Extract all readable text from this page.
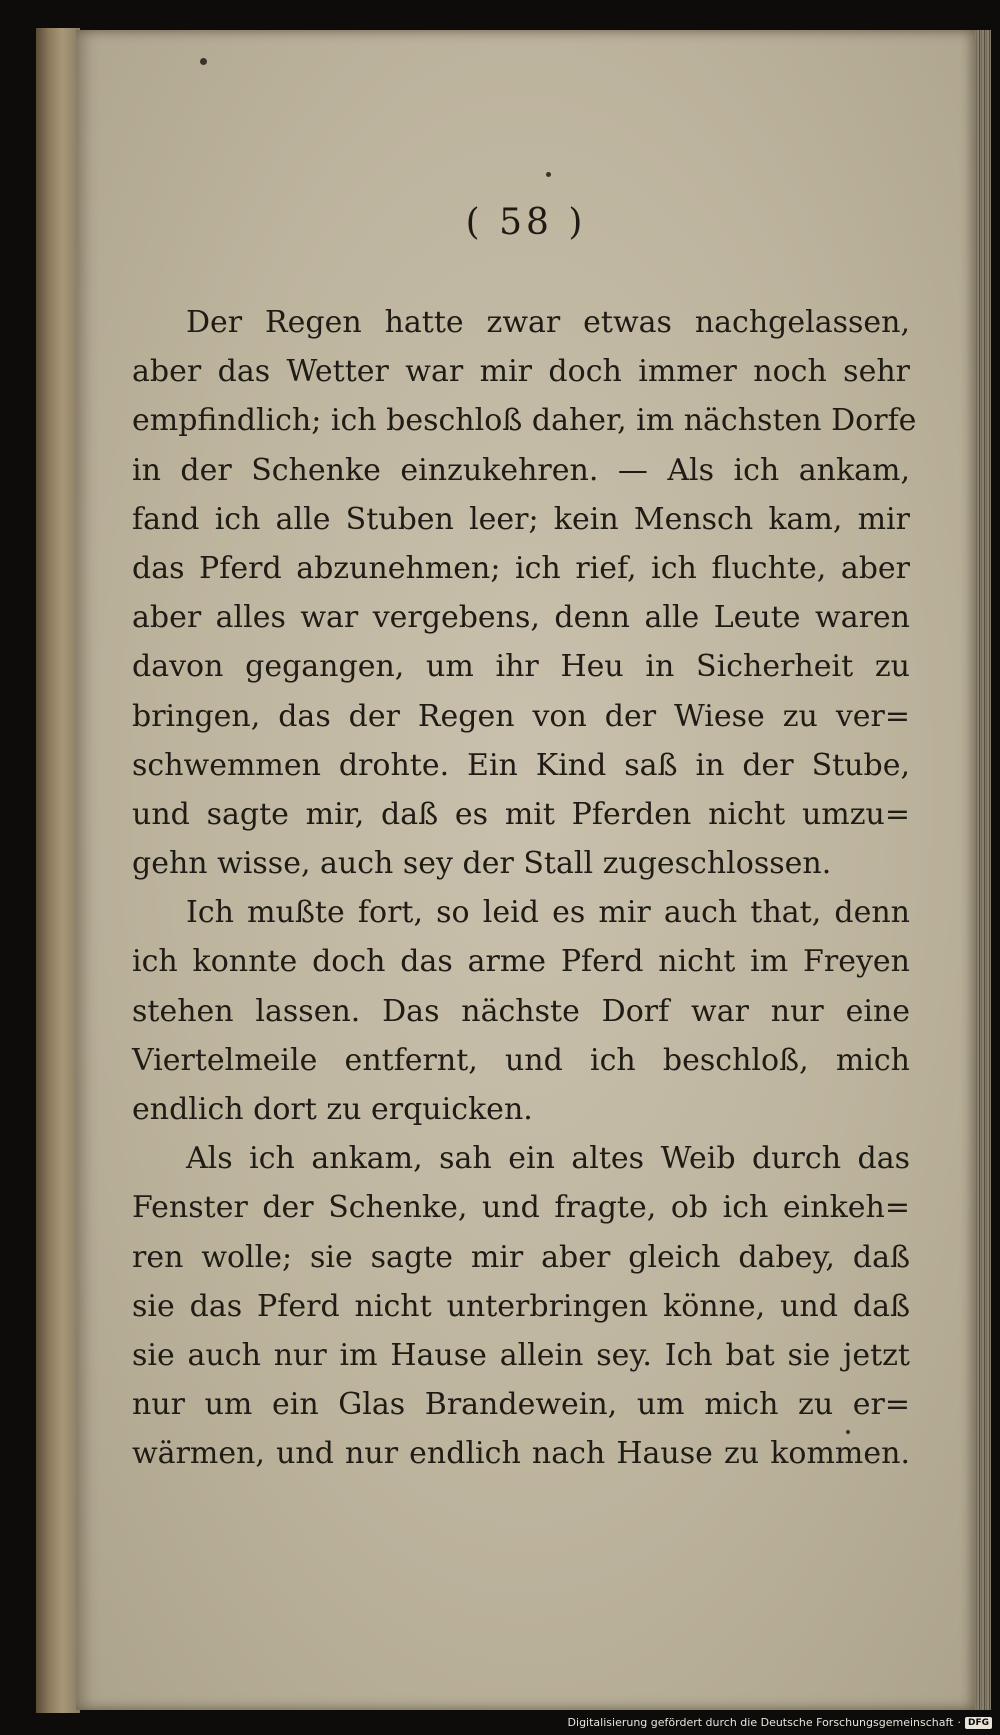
( 58 )
Der Regen hatte zwar etwas nachgelassen,
aber das Wetter war mir doch immer noch sehr
empfindlich; ich beschloß daher, im nächsten Dorfe
in der Schenke einzukehren. — Als ich ankam,
fand ich alle Stuben leer; kein Mensch kam, mir
das Pferd abzunehmen; ich rief, ich fluchte, aber
aber alles war vergebens, denn alle Leute waren
davon gegangen, um ihr Heu in Sicherheit zu
bringen, das der Regen von der Wiese zu ver=
schwemmen drohte. Ein Kind saß in der Stube,
und sagte mir, daß es mit Pferden nicht umzu=
gehn wisse, auch sey der Stall zugeschlossen.
Ich mußte fort, so leid es mir auch that, denn
ich konnte doch das arme Pferd nicht im Freyen
stehen lassen. Das nächste Dorf war nur eine
Viertelmeile entfernt, und ich beschloß, mich
endlich dort zu erquicken.
Als ich ankam, sah ein altes Weib durch das
Fenster der Schenke, und fragte, ob ich einkeh=
ren wolle; sie sagte mir aber gleich dabey, daß
sie das Pferd nicht unterbringen könne, und daß
sie auch nur im Hause allein sey. Ich bat sie jetzt
nur um ein Glas Brandewein, um mich zu er=
wärmen, und nur endlich nach Hause zu kommen.
Digitalisierung gefördert durch die Deutsche Forschungsgemeinschaft · DFG
